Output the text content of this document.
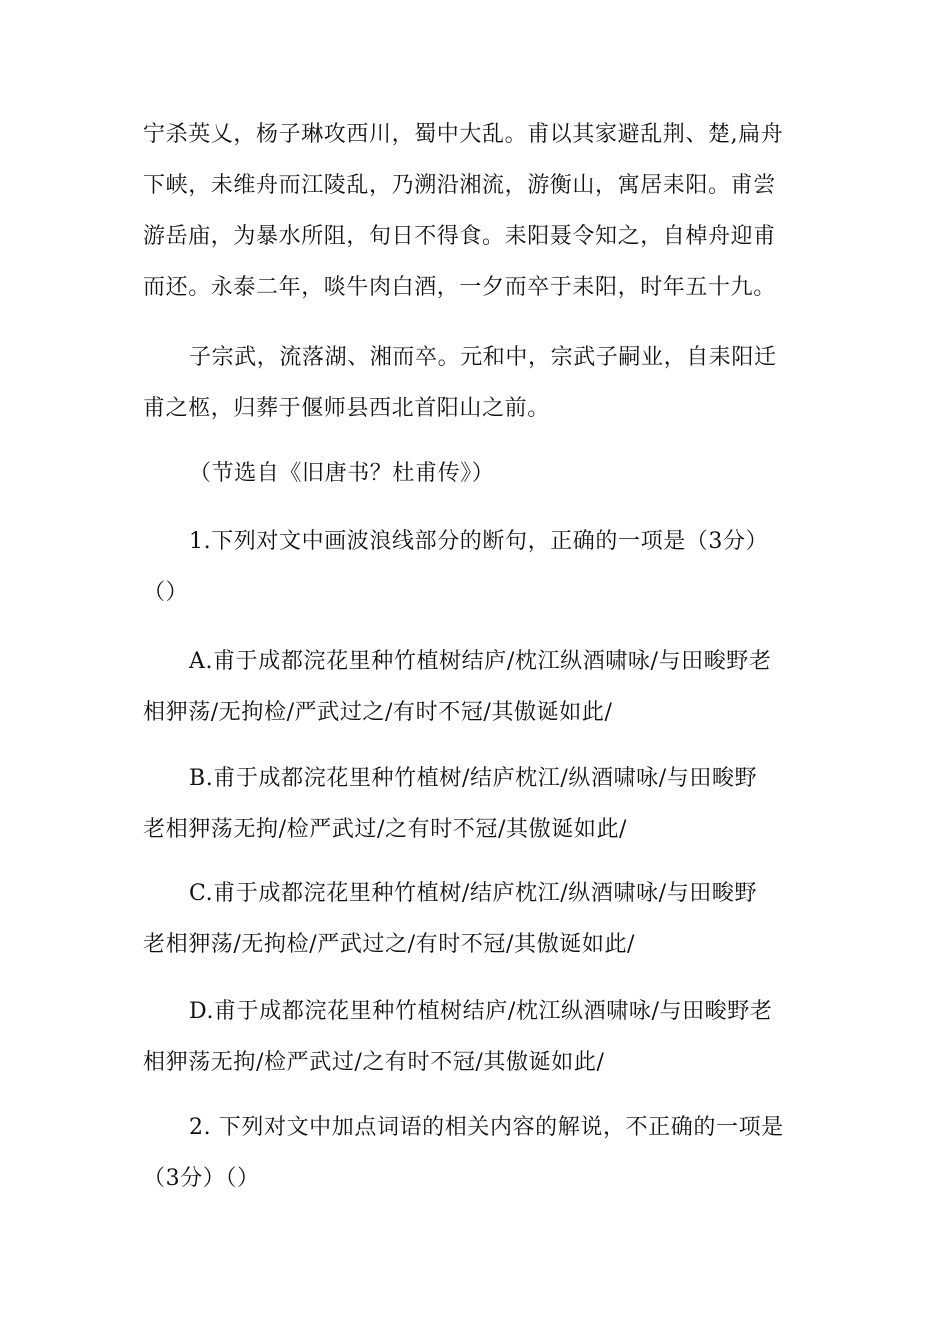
宁杀英乂，杨子琳攻西川，蜀中大乱。甫以其家避乱荆、楚,扁舟
下峡，未维舟而江陵乱，乃溯沿湘流，游衡山，寓居耒阳。甫尝
游岳庙，为暴水所阻，旬日不得食。耒阳聂令知之，自棹舟迎甫
而还。永泰二年，啖牛肉白酒，一夕而卒于耒阳，时年五十九。

子宗武，流落湖、湘而卒。元和中，宗武子嗣业，自耒阳迁
甫之柩，归葬于偃师县西北首阳山之前。

（节选自《旧唐书？杜甫传》）

1.下列对文中画波浪线部分的断句，正确的一项是（3分）
（）

A.甫于成都浣花里种竹植树结庐/枕江纵酒啸咏/与田畯野老
相狎荡/无拘检/严武过之/有时不冠/其傲诞如此/

B.甫于成都浣花里种竹植树/结庐枕江/纵酒啸咏/与田畯野
老相狎荡无拘/检严武过/之有时不冠/其傲诞如此/

C.甫于成都浣花里种竹植树/结庐枕江/纵酒啸咏/与田畯野
老相狎荡/无拘检/严武过之/有时不冠/其傲诞如此/

D.甫于成都浣花里种竹植树结庐/枕江纵酒啸咏/与田畯野老
相狎荡无拘/检严武过/之有时不冠/其傲诞如此/

2. 下列对文中加点词语的相关内容的解说，不正确的一项是
（3分）（）
